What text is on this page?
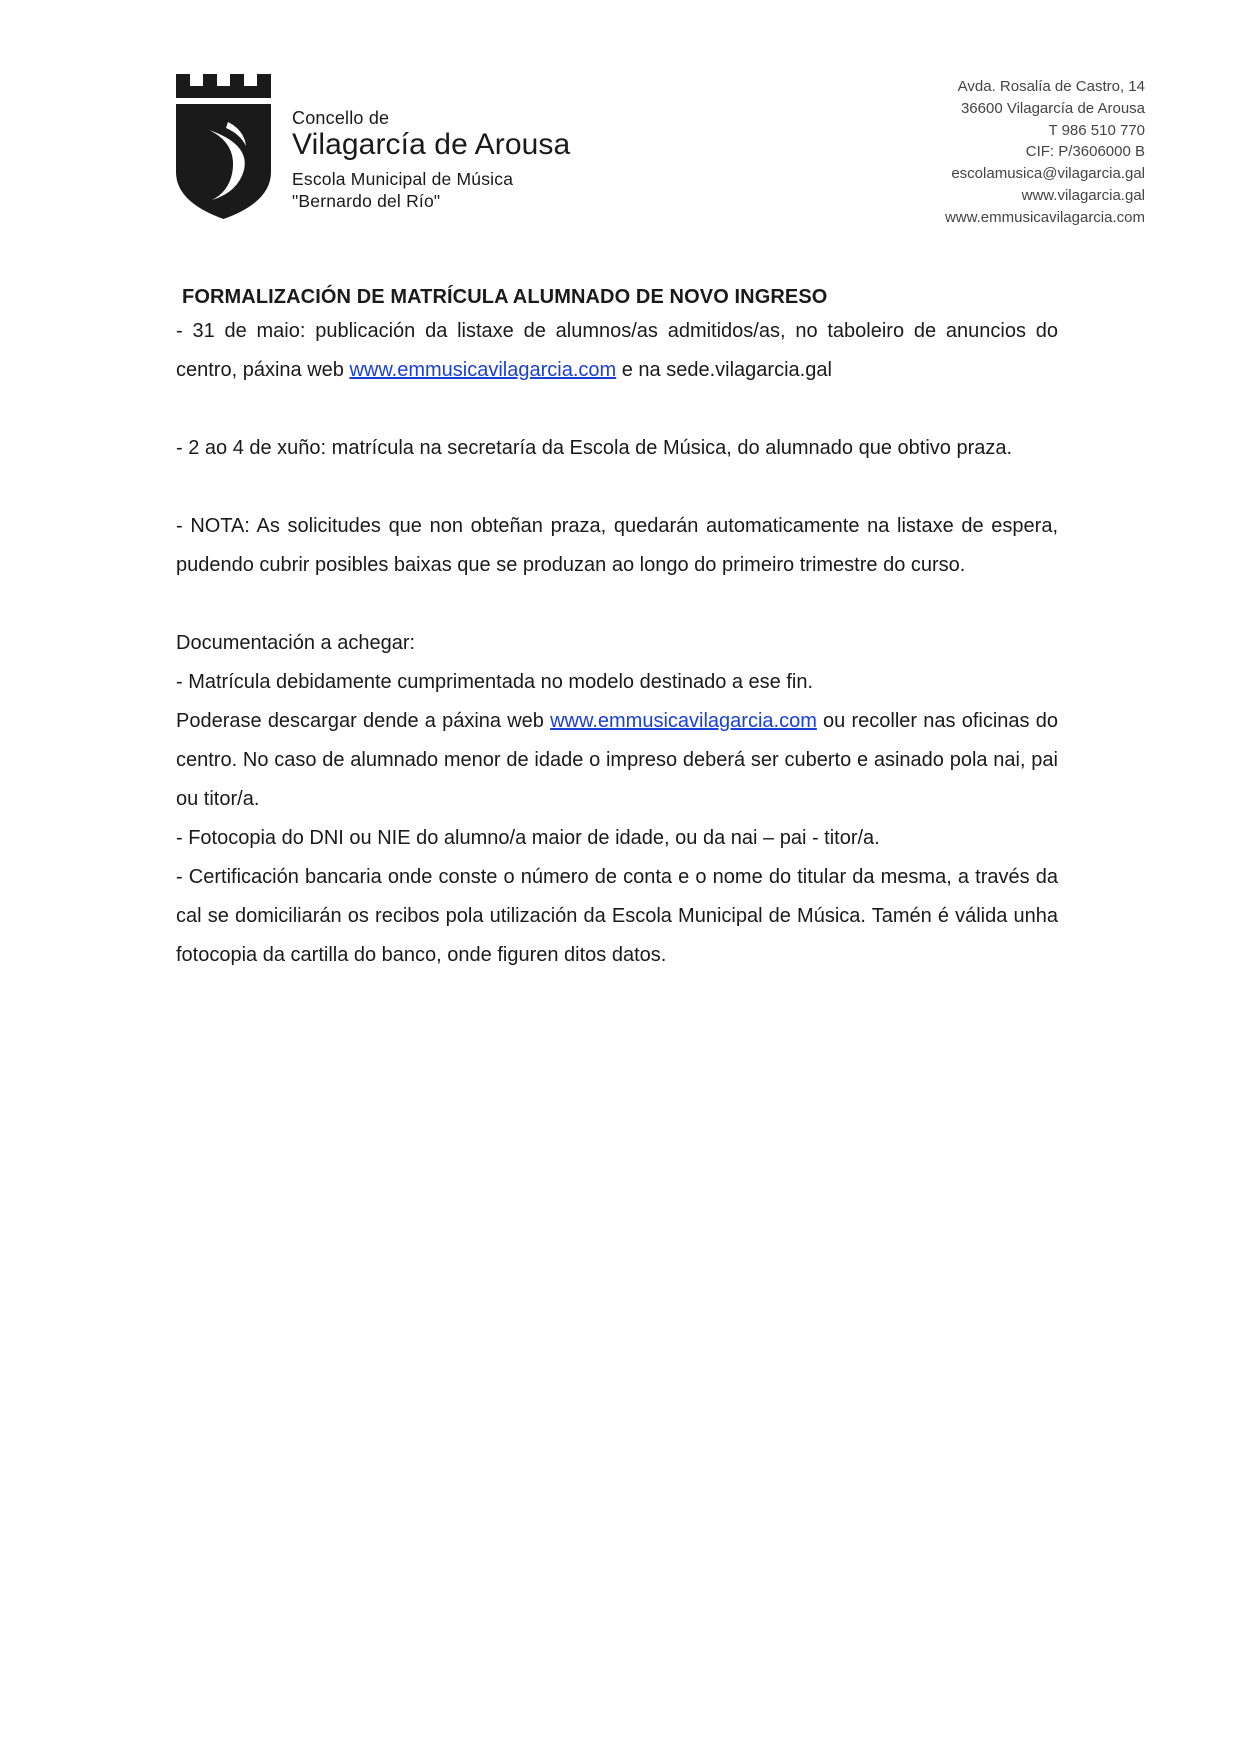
Concello de
Vilagarcía de Arousa
Escola Municipal de Música
"Bernardo del Río"
Avda. Rosalía de Castro, 14
36600 Vilagarcía de Arousa
T 986 510 770
CIF: P/3606000 B
escolamusica@vilagarcia.gal
www.vilagarcia.gal
www.emmusicavilagarcia.com
FORMALIZACIÓN DE MATRÍCULA ALUMNADO DE NOVO INGRESO

- 31 de maio: publicación da listaxe de alumnos/as admitidos/as, no taboleiro de anuncios do centro, páxina web www.emmusicavilagarcia.com e na sede.vilagarcia.gal

- 2 ao 4 de xuño: matrícula na secretaría da Escola de Música, do alumnado que obtivo praza.

- NOTA: As solicitudes que non obteñan praza, quedarán automaticamente na listaxe de espera, pudendo cubrir posibles baixas que se produzan ao longo do primeiro trimestre do curso.

Documentación a achegar:

- Matrícula debidamente cumprimentada no modelo destinado a ese fin.

Poderase descargar dende a páxina web www.emmusicavilagarcia.com ou recoller nas oficinas do centro. No caso de alumnado menor de idade o impreso deberá ser cuberto e asinado pola nai, pai ou titor/a.

- Fotocopia do DNI ou NIE do alumno/a maior de idade, ou da nai – pai - titor/a.

- Certificación bancaria onde conste o número de conta e o nome do titular da mesma, a través da cal se domiciliarán os recibos pola utilización da Escola Municipal de Música. Tamén é válida unha fotocopia da cartilla do banco, onde figuren ditos datos.
